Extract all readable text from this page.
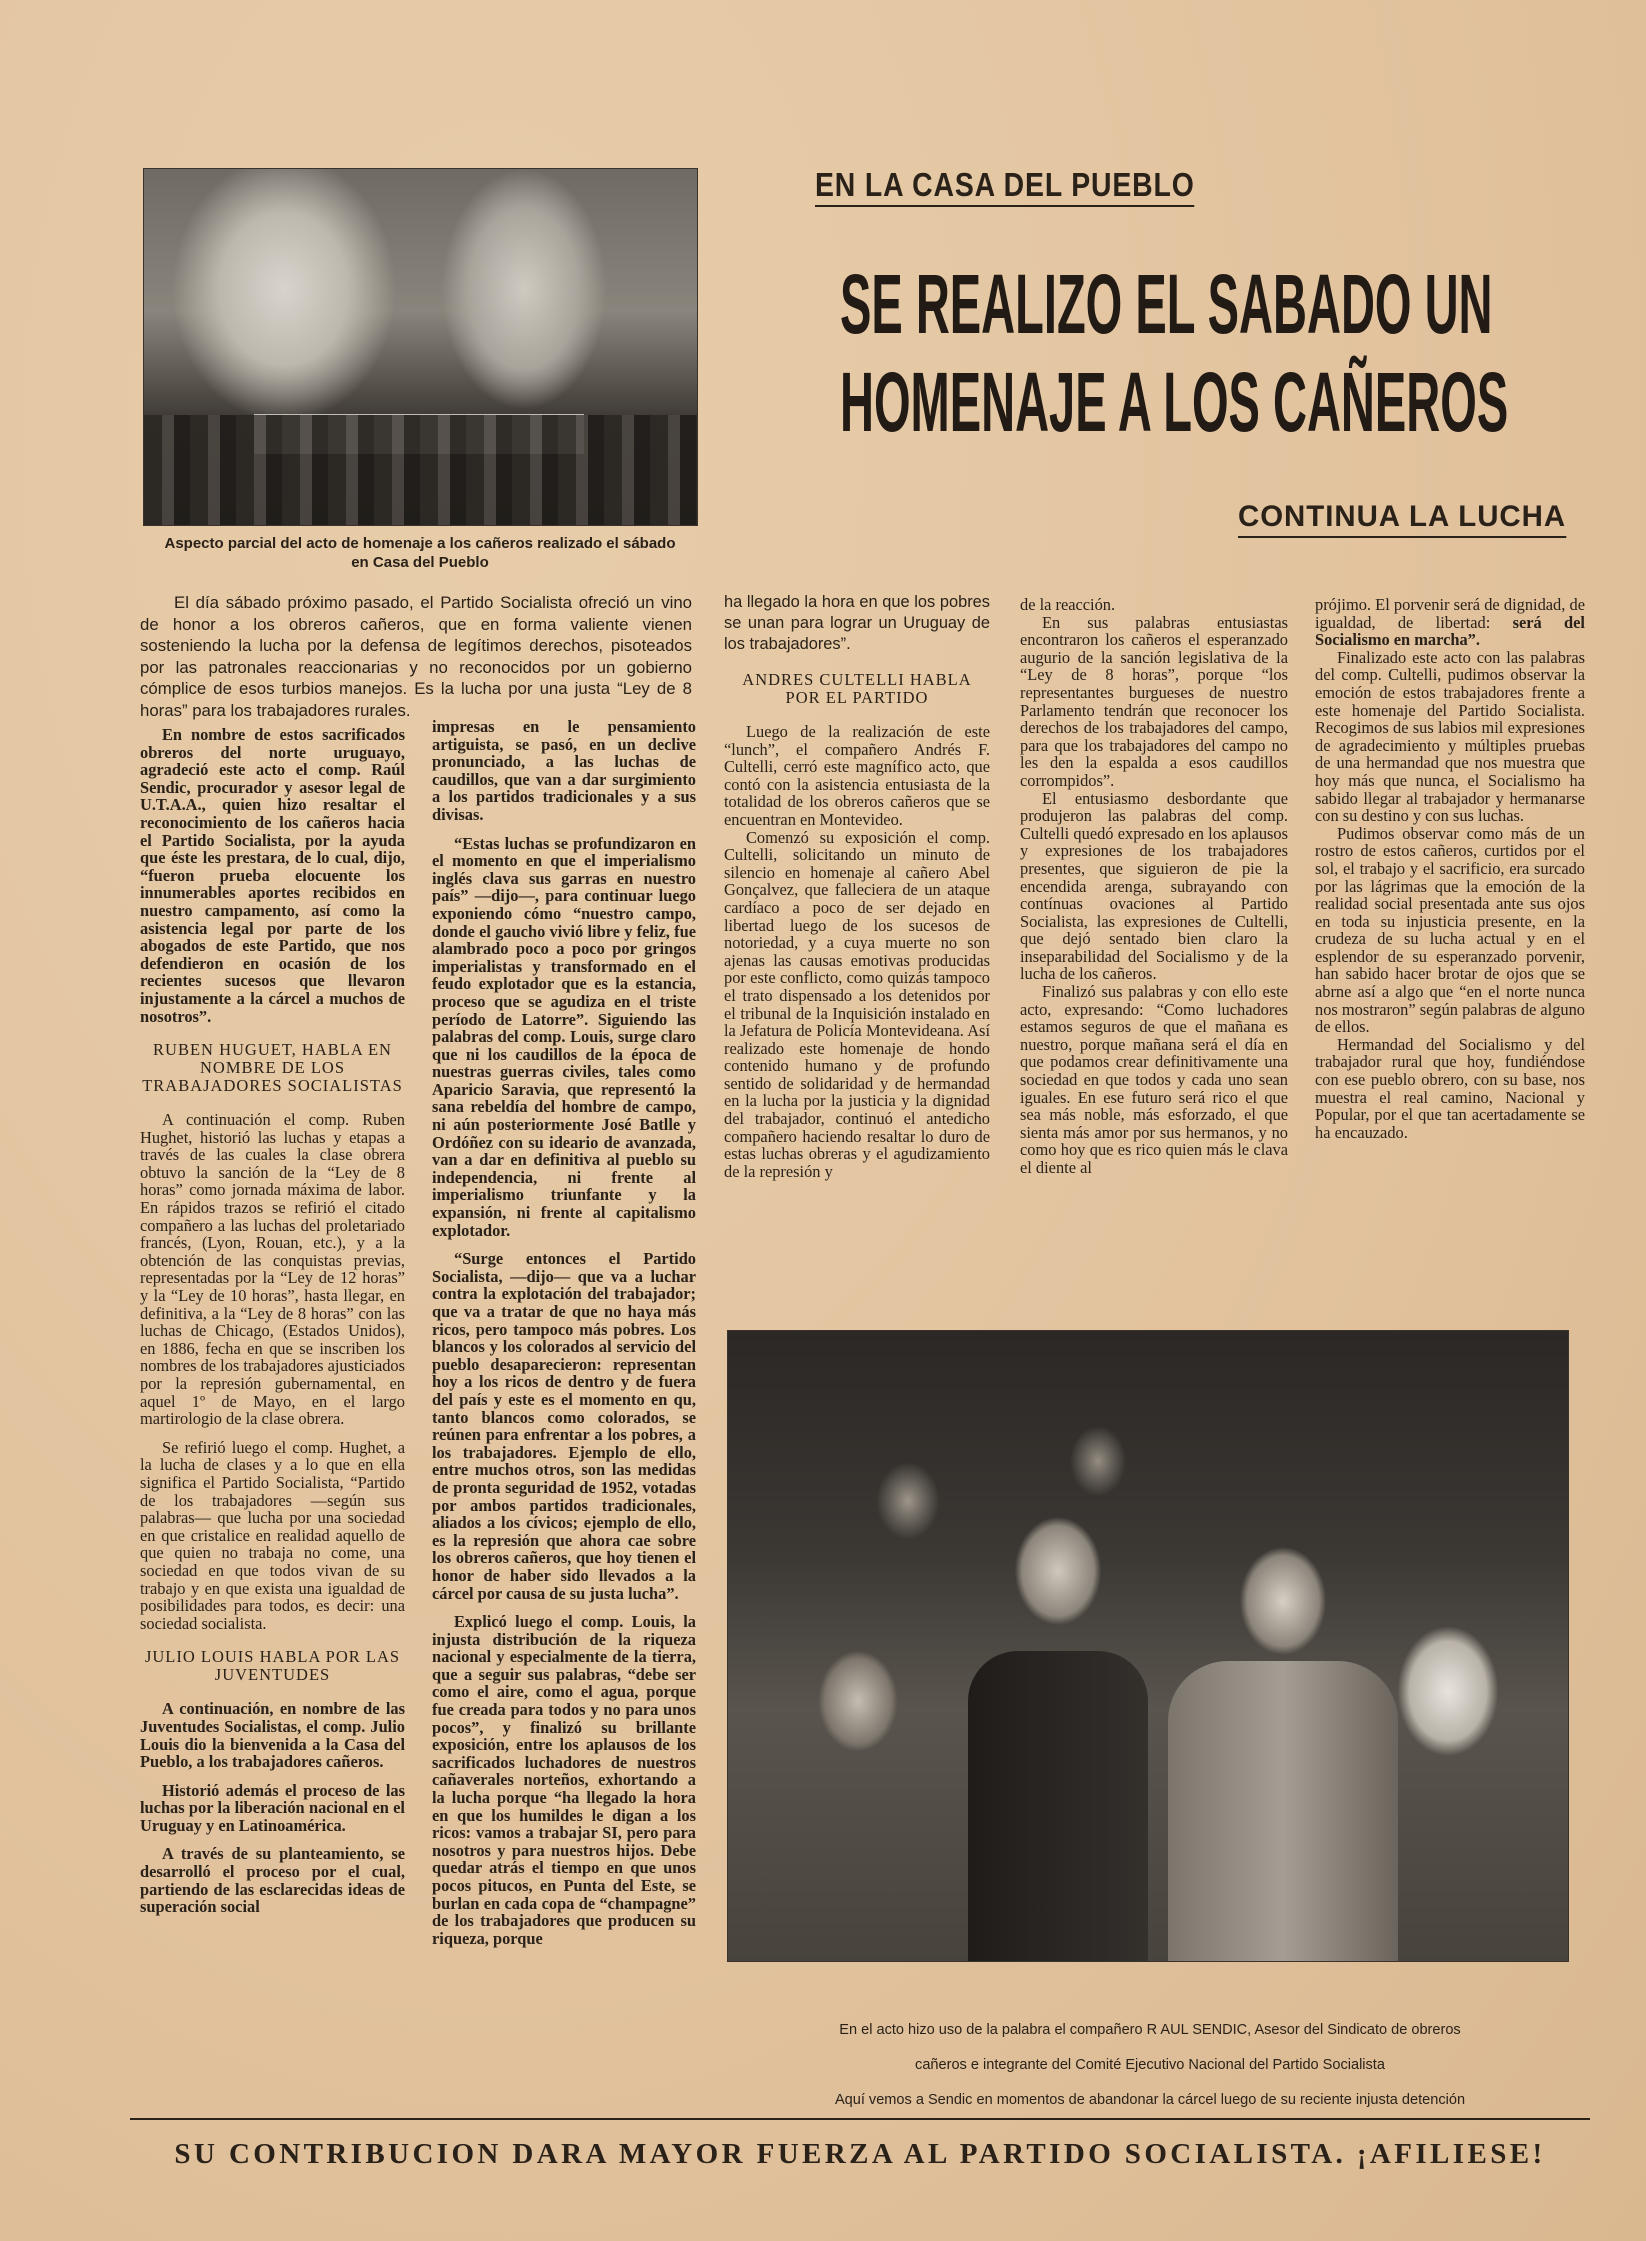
Aspecto parcial del acto de homenaje a los cañeros realizado el sábado
en Casa del Pueblo
EN LA CASA DEL PUEBLO
SE REALIZO EL SABADO UN
HOMENAJE A LOS CAÑEROS
CONTINUA LA LUCHA

El día sábado próximo pasado, el Partido Socialista ofreció un vino de honor a los obreros cañeros, que en forma valiente vienen sosteniendo la lucha por la defensa de legítimos derechos, pisoteados por las patronales reaccionarias y no reconocidos por un gobierno cómplice de esos turbios manejos. Es la lucha por una justa “Ley de 8 horas” para los trabajadores rurales.

En nombre de estos sacrificados obreros del norte uruguayo, agradeció este acto el comp. Raúl Sendic, procurador y asesor legal de U.T.A.A., quien hizo resaltar el reconocimiento de los cañeros hacia el Partido Socialista, por la ayuda que éste les prestara, de lo cual, dijo, “fueron prueba elocuente los innumerables aportes recibidos en nuestro campamento, así como la asistencia legal por parte de los abogados de este Partido, que nos defendieron en ocasión de los recientes sucesos que llevaron injustamente a la cárcel a muchos de nosotros”.

RUBEN HUGUET, HABLA EN NOMBRE DE LOS TRABAJADORES SOCIALISTAS

A continuación el comp. Ruben Hughet, historió las luchas y etapas a través de las cuales la clase obrera obtuvo la sanción de la “Ley de 8 horas” como jornada máxima de labor. En rápidos trazos se refirió el citado compañero a las luchas del proletariado francés, (Lyon, Rouan, etc.), y a la obtención de las conquistas previas, representadas por la “Ley de 12 horas” y la “Ley de 10 horas”, hasta llegar, en definitiva, a la “Ley de 8 horas” con las luchas de Chicago, (Estados Unidos), en 1886, fecha en que se inscriben los nombres de los trabajadores ajusticiados por la represión gubernamental, en aquel 1º de Mayo, en el largo martirologio de la clase obrera.

Se refirió luego el comp. Hughet, a la lucha de clases y a lo que en ella significa el Partido Socialista, “Partido de los trabajadores —según sus palabras— que lucha por una sociedad en que cristalice en realidad aquello de que quien no trabaja no come, una sociedad en que todos vivan de su trabajo y en que exista una igualdad de posibilidades para todos, es decir: una sociedad socialista.

JULIO LOUIS HABLA POR LAS JUVENTUDES

A continuación, en nombre de las Juventudes Socialistas, el comp. Julio Louis dio la bienvenida a la Casa del Pueblo, a los trabajadores cañeros.

Historió además el proceso de las luchas por la liberación nacional en el Uruguay y en Latinoamérica.

A través de su planteamiento, se desarrolló el proceso por el cual, partiendo de las esclarecidas ideas de superación social

impresas en le pensamiento artiguista, se pasó, en un declive pronunciado, a las luchas de caudillos, que van a dar surgimiento a los partidos tradicionales y a sus divisas.

“Estas luchas se profundizaron en el momento en que el imperialismo inglés clava sus garras en nuestro país” —dijo—, para continuar luego exponiendo cómo “nuestro campo, donde el gaucho vivió libre y feliz, fue alambrado poco a poco por gringos imperialistas y transformado en el feudo explotador que es la estancia, proceso que se agudiza en el triste período de Latorre”. Siguiendo las palabras del comp. Louis, surge claro que ni los caudillos de la época de nuestras guerras civiles, tales como Aparicio Saravia, que representó la sana rebeldía del hombre de campo, ni aún posteriormente José Batlle y Ordóñez con su ideario de avanzada, van a dar en definitiva al pueblo su independencia, ni frente al imperialismo triunfante y la expansión, ni frente al capitalismo explotador.

“Surge entonces el Partido Socialista, —dijo— que va a luchar contra la explotación del trabajador; que va a tratar de que no haya más ricos, pero tampoco más pobres. Los blancos y los colorados al servicio del pueblo desaparecieron: representan hoy a los ricos de dentro y de fuera del país y este es el momento en qu, tanto blancos como colorados, se reúnen para enfrentar a los pobres, a los trabajadores. Ejemplo de ello, entre muchos otros, son las medidas de pronta seguridad de 1952, votadas por ambos partidos tradicionales, aliados a los cívicos; ejemplo de ello, es la represión que ahora cae sobre los obreros cañeros, que hoy tienen el honor de haber sido llevados a la cárcel por causa de su justa lucha”.

Explicó luego el comp. Louis, la injusta distribución de la riqueza nacional y especialmente de la tierra, que a seguir sus palabras, “debe ser como el aire, como el agua, porque fue creada para todos y no para unos pocos”, y finalizó su brillante exposición, entre los aplausos de los sacrificados luchadores de nuestros cañaverales norteños, exhortando a la lucha porque “ha llegado la hora en que los humildes le digan a los ricos: vamos a trabajar SI, pero para nosotros y para nuestros hijos. Debe quedar atrás el tiempo en que unos pocos pitucos, en Punta del Este, se burlan en cada copa de “champagne” de los trabajadores que producen su riqueza, porque

ha llegado la hora en que los pobres se unan para lograr un Uruguay de los trabajadores”.

ANDRES CULTELLI HABLA POR EL PARTIDO

Luego de la realización de este “lunch”, el compañero Andrés F. Cultelli, cerró este magnífico acto, que contó con la asistencia entusiasta de la totalidad de los obreros cañeros que se encuentran en Montevideo.

Comenzó su exposición el comp. Cultelli, solicitando un minuto de silencio en homenaje al cañero Abel Gonçalvez, que falleciera de un ataque cardíaco a poco de ser dejado en libertad luego de los sucesos de notoriedad, y a cuya muerte no son ajenas las causas emotivas producidas por este conflicto, como quizás tampoco el trato dispensado a los detenidos por el tribunal de la Inquisición instalado en la Jefatura de Policía Montevideana. Así realizado este homenaje de hondo contenido humano y de profundo sentido de solidaridad y de hermandad en la lucha por la justicia y la dignidad del trabajador, continuó el antedicho compañero haciendo resaltar lo duro de estas luchas obreras y el agudizamiento de la represión y

de la reacción.

En sus palabras entusiastas encontraron los cañeros el esperanzado augurio de la sanción legislativa de la “Ley de 8 horas”, porque “los representantes burgueses de nuestro Parlamento tendrán que reconocer los derechos de los trabajadores del campo, para que los trabajadores del campo no les den la espalda a esos caudillos corrompidos”.

El entusiasmo desbordante que produjeron las palabras del comp. Cultelli quedó expresado en los aplausos y expresiones de los trabajadores presentes, que siguieron de pie la encendida arenga, subrayando con contínuas ovaciones al Partido Socialista, las expresiones de Cultelli, que dejó sentado bien claro la inseparabilidad del Socialismo y de la lucha de los cañeros.

Finalizó sus palabras y con ello este acto, expresando: “Como luchadores estamos seguros de que el mañana es nuestro, porque mañana será el día en que podamos crear definitivamente una sociedad en que todos y cada uno sean iguales. En ese futuro será rico el que sea más noble, más esforzado, el que sienta más amor por sus hermanos, y no como hoy que es rico quien más le clava el diente al

prójimo. El porvenir será de dignidad, de igualdad, de libertad: será del Socialismo en marcha”.

Finalizado este acto con las palabras del comp. Cultelli, pudimos observar la emoción de estos trabajadores frente a este homenaje del Partido Socialista. Recogimos de sus labios mil expresiones de agradecimiento y múltiples pruebas de una hermandad que nos muestra que hoy más que nunca, el Socialismo ha sabido llegar al trabajador y hermanarse con su destino y con sus luchas.

Pudimos observar como más de un rostro de estos cañeros, curtidos por el sol, el trabajo y el sacrificio, era surcado por las lágrimas que la emoción de la realidad social presentada ante sus ojos en toda su injusticia presente, en la crudeza de su lucha actual y en el esplendor de su esperanzado porvenir, han sabido hacer brotar de ojos que se abrne así a algo que “en el norte nunca nos mostraron” según palabras de alguno de ellos.

Hermandad del Socialismo y del trabajador rural que hoy, fundiéndose con ese pueblo obrero, con su base, nos muestra el real camino, Nacional y Popular, por el que tan acertadamente se ha encauzado.

En el acto hizo uso de la palabra el compañero R AUL SENDIC, Asesor del Sindicato de obreros
cañeros e integrante del Comité Ejecutivo Nacional del Partido Socialista
Aquí vemos a Sendic en momentos de abandonar la cárcel luego de su reciente injusta detención
SU CONTRIBUCION DARA MAYOR FUERZA AL PARTIDO SOCIALISTA. ¡AFILIESE!
